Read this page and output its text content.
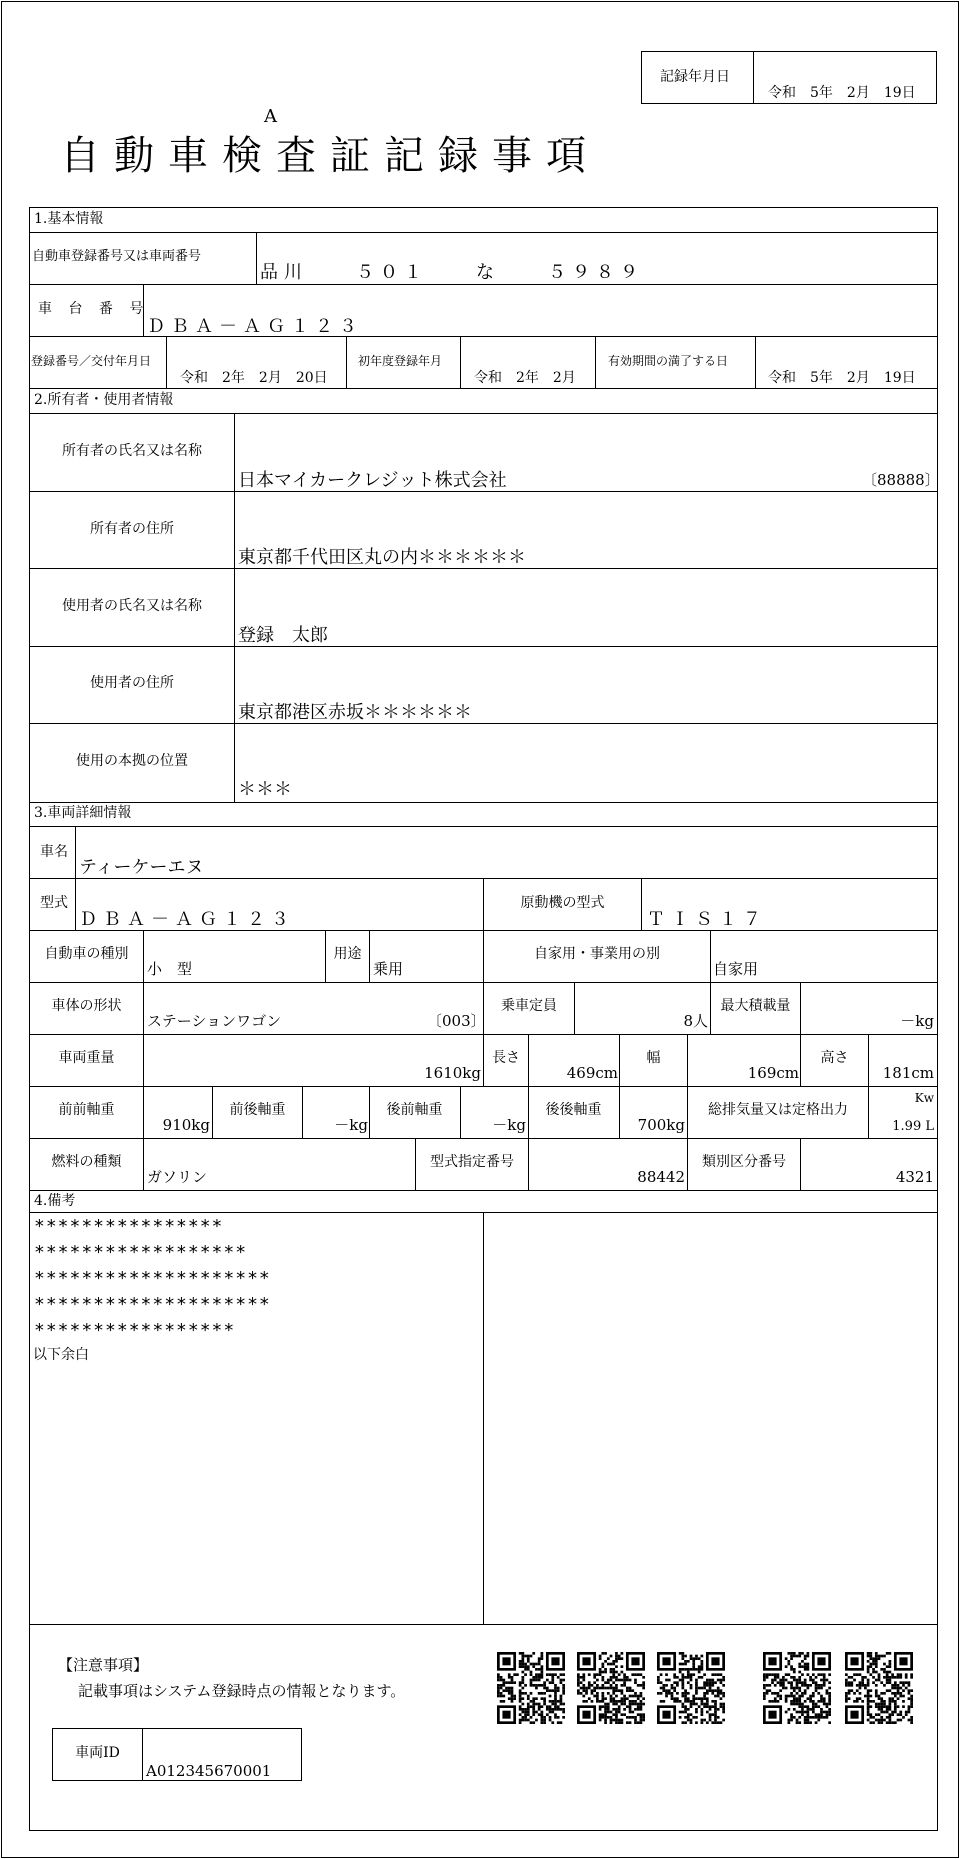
記録年月日
令和　5年　2月　19日
A
自動車検査証記録事項
1.基本情報
自動車登録番号又は車両番号
品川　　５０１　　な　　５９８９
車 台 番 号
ＤＢＡ－ＡＧ１２３
登録番号／交付年月日
令和　2年　2月　20日
初年度登録年月
令和　2年　2月
有効期間の満了する日
令和　5年　2月　19日
2.所有者・使用者情報
所有者の氏名又は名称
日本マイカークレジット株式会社	〔88888〕
所有者の住所
東京都千代田区丸の内＊＊＊＊＊＊
使用者の氏名又は名称
登録　太郎
使用者の住所
東京都港区赤坂＊＊＊＊＊＊
使用の本拠の位置
＊＊＊
3.車両詳細情報
車名
ティーケーエヌ
型式
ＤＢＡ－ＡＧ１２３
原動機の型式
ＴＩＳ１７
自動車の種別
小　型
用途
乗用
自家用・事業用の別
自家用
車体の形状
ステーションワゴン	〔003〕
乗車定員
8人
最大積載量
－kg
車両重量
1610kg
長さ
469cm
幅
169cm
高さ
181cm
前前軸重
910kg
前後軸重
－kg
後前軸重
－kg
後後軸重
700kg
総排気量又は定格出力
Kw
1.99 L
燃料の種類
ガソリン
型式指定番号
88442
類別区分番号
4321
4.備考
****************
******************
********************
********************
*****************
以下余白
【注意事項】
記載事項はシステム登録時点の情報となります。
車両ID
A012345670001
